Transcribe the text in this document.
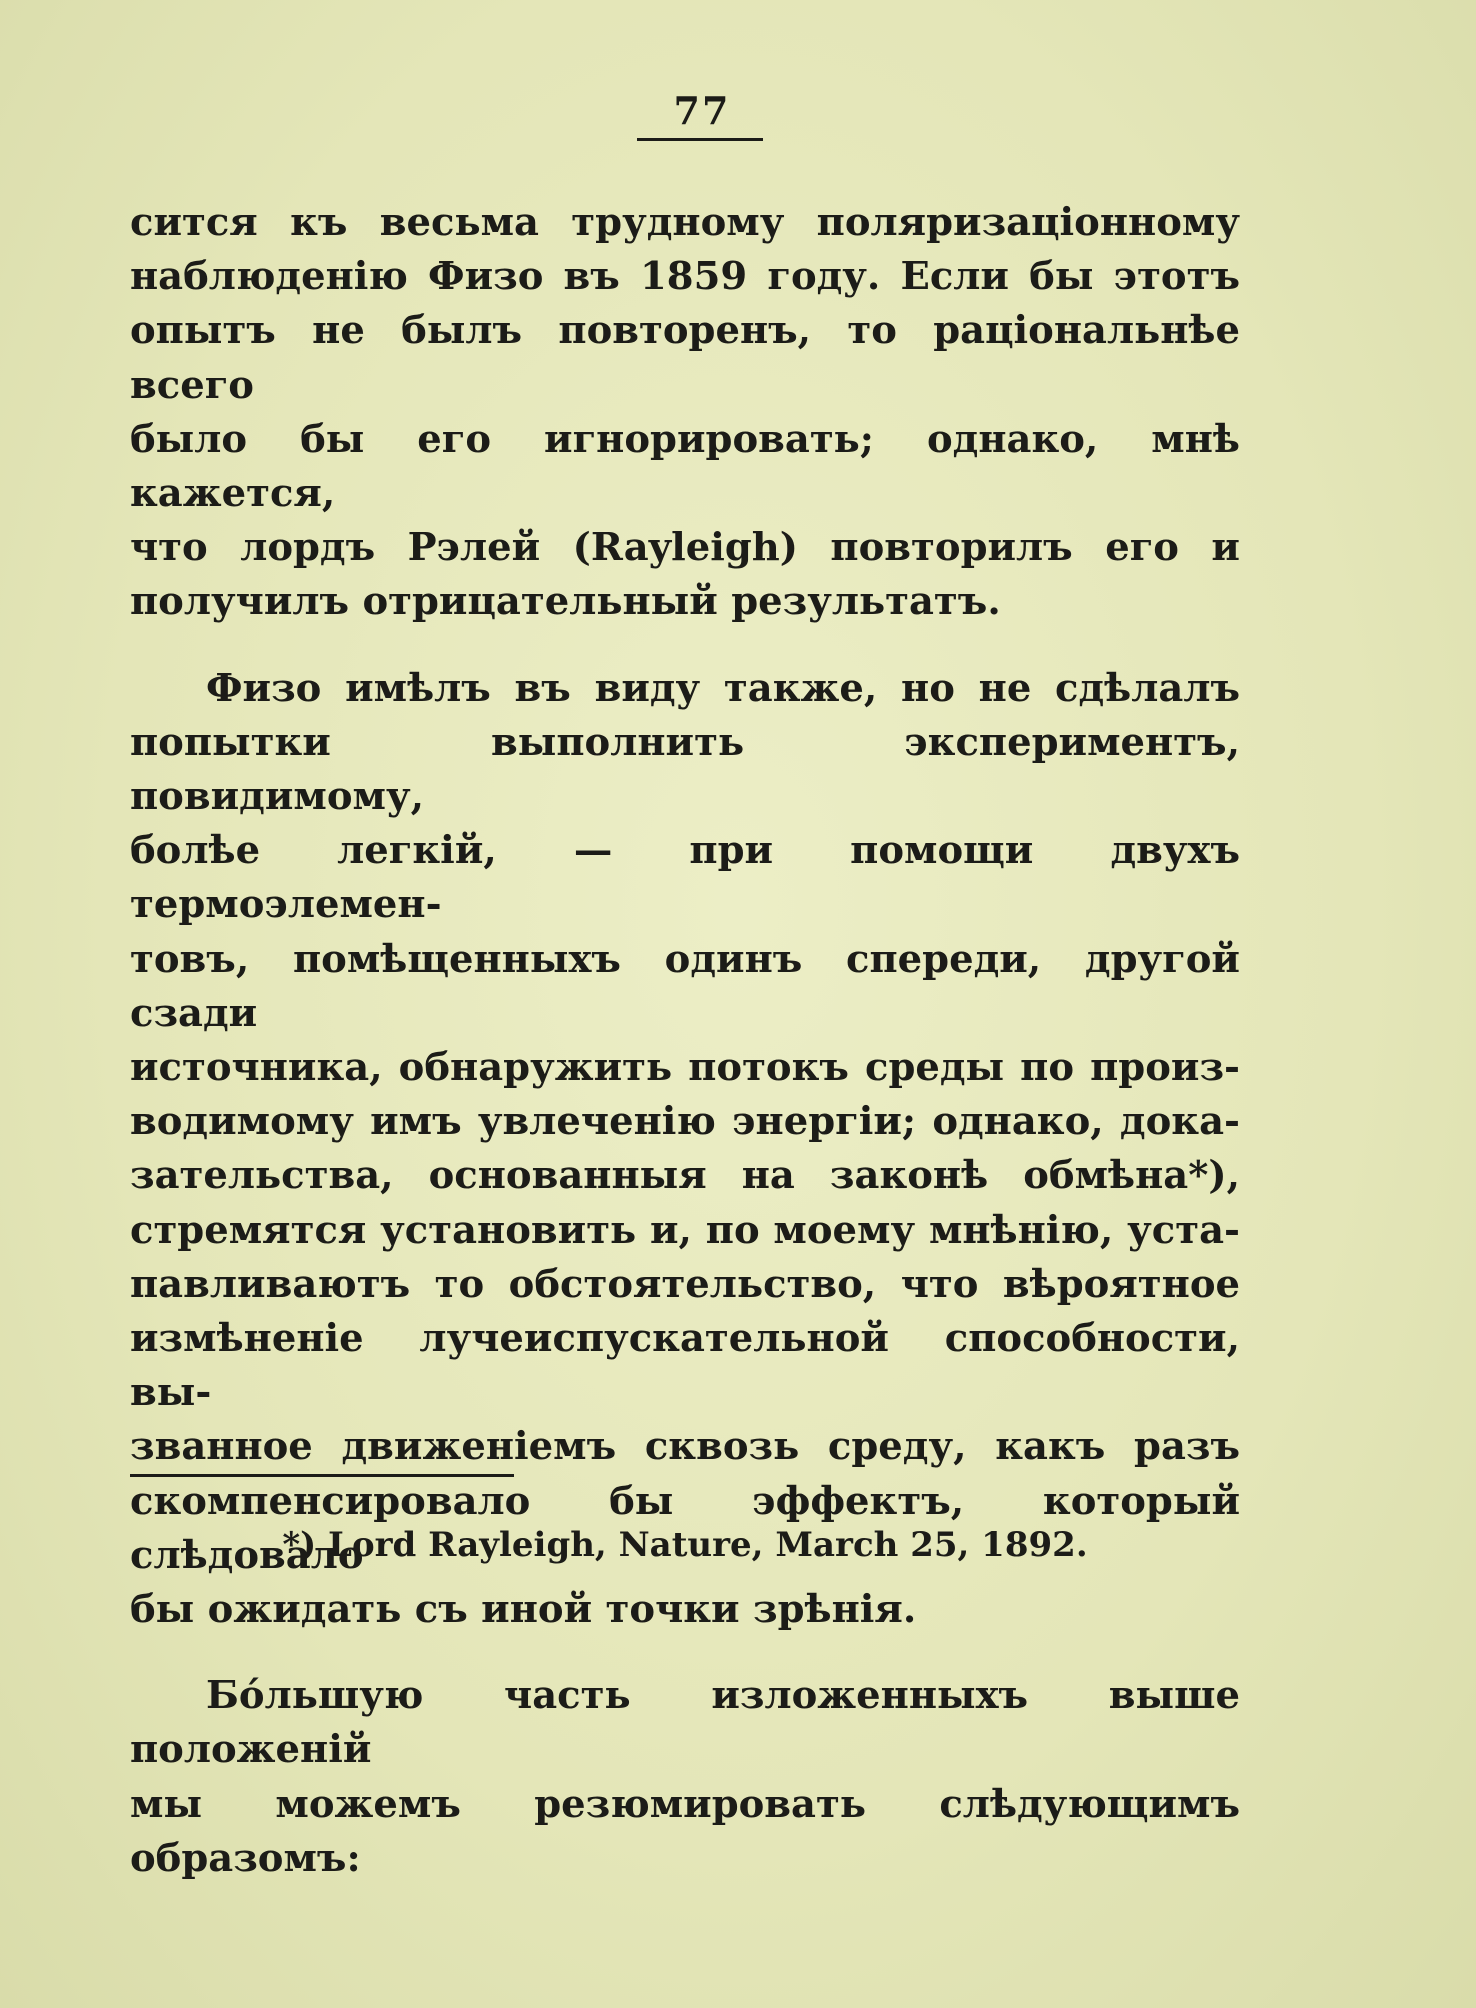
77

сится къ весьма трудному поляризаціонному

наблюденію Физо въ 1859 году. Если бы этотъ

опытъ не былъ повторенъ, то раціональнѣе всего

было бы его игнорировать; однако, мнѣ кажется,

что лордъ Рэлей (Rayleigh) повторилъ его и

получилъ отрицательный результатъ.

Физо имѣлъ въ виду также, но не сдѣлалъ

попытки выполнить экспериментъ, повидимому,

болѣе легкій, — при помощи двухъ термоэлемен-

товъ, помѣщенныхъ одинъ спереди, другой сзади

источника, обнаружить потокъ среды по произ-

водимому имъ увлеченію энергіи; однако, дока-

зательства, основанныя на законѣ обмѣна*),

стремятся установить и, по моему мнѣнію, уста-

павливаютъ то обстоятельство, что вѣроятное

измѣненіе лучеиспускательной способности, вы-

званное движеніемъ сквозь среду, какъ разъ

скомпенсировало бы эффектъ, который слѣдовало

бы ожидать съ иной точки зрѣнія.

Бо́льшую часть изложенныхъ выше положеній

мы можемъ резюмировать слѣдующимъ образомъ:

*) Lord Rayleigh, Nature, March 25, 1892.
